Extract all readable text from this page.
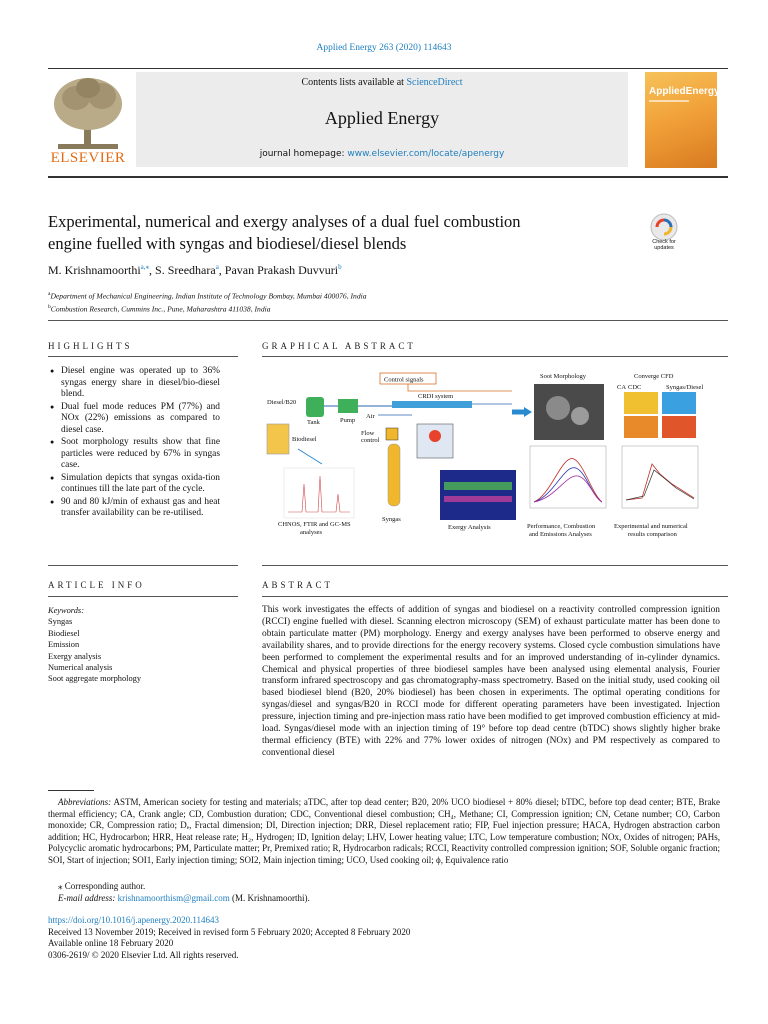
Applied Energy 263 (2020) 114643
ELSEVIER
Contents lists available at ScienceDirect
Applied Energy
journal homepage: www.elsevier.com/locate/apenergy
AppliedEnergy
Experimental, numerical and exergy analyses of a dual fuel combustion
engine fuelled with syngas and biodiesel/diesel blends	Check for
updates
M. Krishnamoorthi$^{a,⁎}$, S. Sreedhara$^a$, Pavan Prakash Duvvuri$^b$
$^a$Department of Mechanical Engineering, Indian Institute of Technology Bombay, Mumbai 400076, India
$^b$Combustion Research, Cummins Inc., Pune, Maharashtra 411038, India
HIGHLIGHTS
● Diesel engine was operated up to 36% syngas energy share in diesel/bio-diesel blend.
● Dual fuel mode reduces PM (77%) and NOx (22%) emissions as compared to diesel case.
● Soot morphology results show that fine particles were reduced by 67% in syngas case.
● Simulation depicts that syngas oxida-tion continues till the late part of the cycle.
● 90 and 80 kJ/min of exhaust gas and heat transfer availability can be re-utilised.
GRAPHICAL ABSTRACT
Control signals
Diesel/B20
Tank	Pump
Air
CRDI system
Flow
control
Biodiesel
CHNOS, FTIR and GC-MS
analyses
Syngas
Exergy Analysis
Soot Morphology
Performance, Combustion
and Emissions Analyses
Converge CFD
CA CDC	Syngas/Diesel
Experimental and numerical
results comparison
ARTICLE INFO
Keywords:
Syngas
Biodiesel
Emission
Exergy analysis
Numerical analysis
Soot aggregate morphology
ABSTRACT
This work investigates the effects of addition of syngas and biodiesel on a reactivity controlled compression ignition (RCCI) engine fuelled with diesel. Scanning electron microscopy (SEM) of exhaust particulate matter has been done to obtain particulate matter (PM) morphology. Energy and exergy analyses have been performed to observe energy and availability shares, and to provide directions for the energy recovery systems. Closed cycle combustion simulations have been performed to complement the experimental results and for an improved understanding of in-cylinder dynamics. Chemical and physical properties of three biodiesel samples have been analysed using elemental analysis, Fourier transform infrared spectroscopy and gas chromatography-mass spectrometry. Based on the initial study, used cooking oil based biodiesel blend (B20, 20% biodiesel) has been chosen in experiments. The optimal operating conditions for syngas/diesel and syngas/B20 in RCCI mode for different operating parameters have been investigated. Injection pressure, injection timing and pre-injection mass ratio have been modified to get improved combustion efficiency at mid-load. Syngas/diesel mode with an injection timing of 19° before top dead centre (bTDC) shows slightly higher brake thermal efficiency (BTE) with 22% and 77% lower oxides of nitrogen (NOx) and PM respectively as compared to conventional diesel
Abbreviations: ASTM, American society for testing and materials; aTDC, after top dead center; B20, 20% UCO biodiesel + 80% diesel; bTDC, before top dead center; BTE, Brake thermal efficiency; CA, Crank angle; CD, Combustion duration; CDC, Conventional diesel combustion; CH₄, Methane; CI, Compression ignition; CN, Cetane number; CO, Carbon monoxide; CR, Compression ratio; Dₑ, Fractal dimension; DI, Direction injection; DRR, Diesel replacement ratio; FIP, Fuel injection pressure; HACA, Hydrogen abstraction carbon addition; HC, Hydrocarbon; HRR, Heat release rate; H₂, Hydrogen; ID, Ignition delay; LHV, Lower heating value; LTC, Low temperature combustion; NOx, Oxides of nitrogen; PAHs, Polycyclic aromatic hydrocarbons; PM, Particulate matter; Pr, Premixed ratio; R, Hydrocarbon radicals; RCCI, Reactivity controlled compression ignition; SOF, Soluble organic fraction; SOI, Start of injection; SOI1, Early injection timing; SOI2, Main injection timing; UCO, Used cooking oil; ϕ, Equivalence ratio
⁎ Corresponding author.
E-mail address: krishnamoorthism@gmail.com (M. Krishnamoorthi).
https://doi.org/10.1016/j.apenergy.2020.114643
Received 13 November 2019; Received in revised form 5 February 2020; Accepted 8 February 2020
Available online 18 February 2020
0306-2619/ © 2020 Elsevier Ltd. All rights reserved.
